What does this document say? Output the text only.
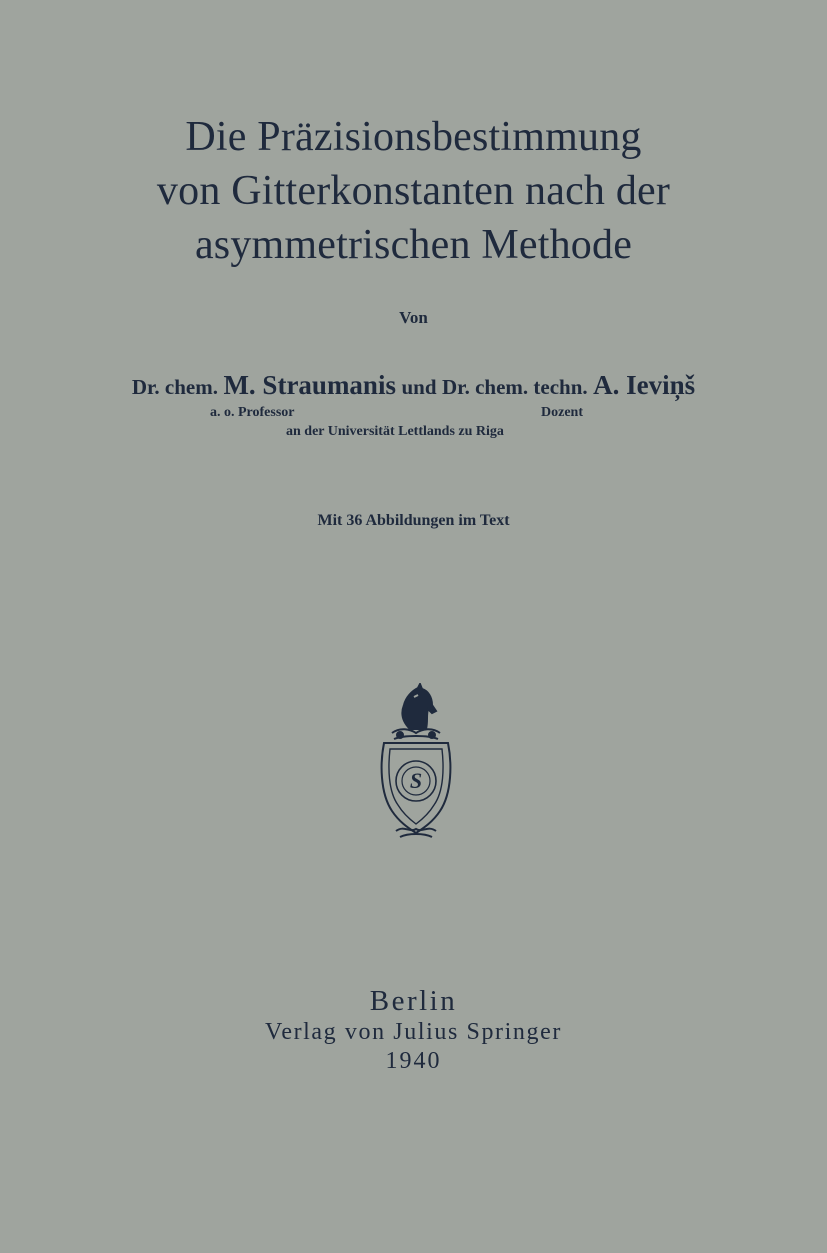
Die Präzisionsbestimmung
von Gitterkonstanten nach der
asymmetrischen Methode
Von
Dr. chem. M. Straumanis und Dr. chem. techn. A. Ieviņš
a. o. Professor	Dozent
an der Universität Lettlands zu Riga
Mit 36 Abbildungen im Text
S
Berlin
Verlag von Julius Springer
1940
